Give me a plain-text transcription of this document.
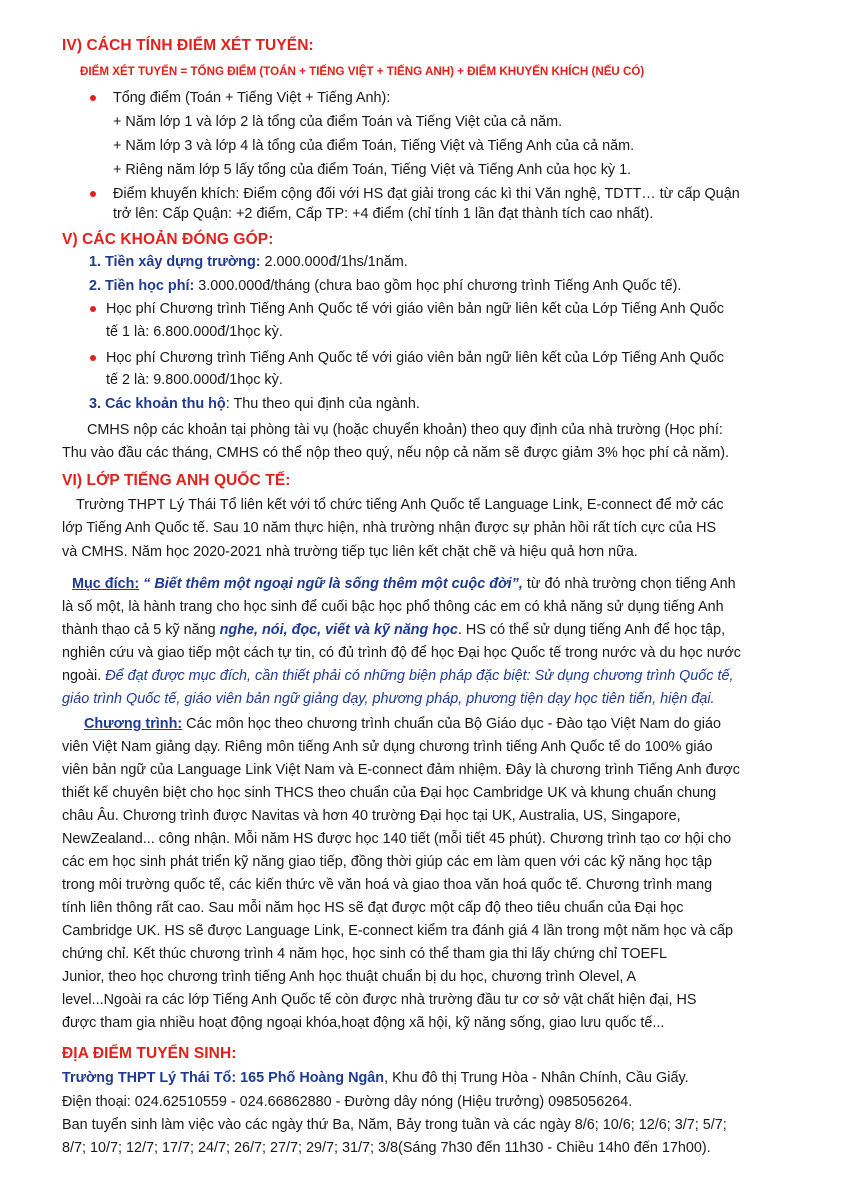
IV) CÁCH TÍNH ĐIỂM XÉT TUYỂN:
ĐIỂM XÉT TUYỂN = TỔNG ĐIỂM (TOÁN + TIẾNG VIỆT + TIẾNG ANH) + ĐIỂM KHUYẾN KHÍCH (NẾU CÓ)
Tổng điểm (Toán + Tiếng Việt + Tiếng Anh):
+ Năm lớp 1 và lớp 2 là tổng của điểm Toán và Tiếng Việt của cả năm.
+ Năm lớp 3 và lớp 4 là tổng của điểm Toán, Tiếng Việt và Tiếng Anh của cả năm.
+ Riêng năm lớp 5 lấy tổng của điểm Toán, Tiếng Việt và Tiếng Anh của học kỳ 1.
Điểm khuyến khích: Điểm cộng đối với HS đạt giải trong các kì thi Văn nghệ, TDTT… từ cấp Quận
trở lên: Cấp Quận: +2 điểm, Cấp TP: +4 điểm (chỉ tính 1 lần đạt thành tích cao nhất).
V) CÁC KHOẢN ĐÓNG GÓP:
1. Tiền xây dựng trường: 2.000.000đ/1hs/1năm.
2. Tiền học phí: 3.000.000đ/tháng (chưa bao gồm học phí chương trình Tiếng Anh Quốc tế).
Học phí Chương trình Tiếng Anh Quốc tế với giáo viên bản ngữ liên kết của Lớp Tiếng Anh Quốc
tế 1 là: 6.800.000đ/1học kỳ.
Học phí Chương trình Tiếng Anh Quốc tế với giáo viên bản ngữ liên kết của Lớp Tiếng Anh Quốc
tế 2 là: 9.800.000đ/1học kỳ.
3. Các khoản thu hộ: Thu theo qui định của ngành.
CMHS nộp các khoản tại phòng tài vụ (hoặc chuyển khoản) theo quy định của nhà trường (Học phí:
Thu vào đầu các tháng, CMHS có thể nộp theo quý, nếu nộp cả năm sẽ được giảm 3% học phí cả năm).
VI) LỚP TIẾNG ANH QUỐC TẾ:
Trường THPT Lý Thái Tổ liên kết với tổ chức tiếng Anh Quốc tế Language Link, E-connect để mở các
lớp Tiếng Anh Quốc tế. Sau 10 năm thực hiện, nhà trường nhận được sự phản hồi rất tích cực của HS
và CMHS. Năm học 2020-2021 nhà trường tiếp tục liên kết chặt chẽ và hiệu quả hơn nữa.
Mục đích: “ Biết thêm một ngoại ngữ là sống thêm một cuộc đời”, từ đó nhà trường chọn tiếng Anh
là số một, là hành trang cho học sinh để cuối bậc học phổ thông các em có khả năng sử dụng tiếng Anh
thành thạo cả 5 kỹ năng nghe, nói, đọc, viết và kỹ năng học. HS có thể sử dụng tiếng Anh để học tập,
nghiên cứu và giao tiếp một cách tự tin, có đủ trình độ để học Đại học Quốc tế trong nước và du học nước
ngoài. Để đạt được mục đích, cần thiết phải có những biện pháp đặc biệt: Sử dụng chương trình Quốc tế,
giáo trình Quốc tế, giáo viên bản ngữ giảng dạy, phương pháp, phương tiện dạy học tiên tiến, hiện đại.
Chương trình: Các môn học theo chương trình chuẩn của Bộ Giáo dục - Đào tạo Việt Nam do giáo
viên Việt Nam giảng dạy. Riêng môn tiếng Anh sử dụng chương trình tiếng Anh Quốc tế do 100% giáo
viên bản ngữ của Language Link Việt Nam và E-connect đảm nhiệm. Đây là chương trình Tiếng Anh được
thiết kế chuyên biệt cho học sinh THCS theo chuẩn của Đại học Cambridge UK và khung chuẩn chung
châu Âu. Chương trình được Navitas và hơn 40 trường Đại học tại UK, Australia, US, Singapore,
NewZealand... công nhận. Mỗi năm HS được học 140 tiết (mỗi tiết 45 phút). Chương trình tạo cơ hội cho
các em học sinh phát triển kỹ năng giao tiếp, đồng thời giúp các em làm quen với các kỹ năng học tập
trong môi trường quốc tế, các kiến thức về văn hoá và giao thoa văn hoá quốc tế. Chương trình mang
tính liên thông rất cao. Sau mỗi năm học HS sẽ đạt được một cấp độ theo tiêu chuẩn của Đại học
Cambridge UK. HS sẽ được Language Link, E-connect kiểm tra đánh giá 4 lần trong một năm học và cấp
chứng chỉ. Kết thúc chương trình 4 năm học, học sinh có thể tham gia thi lấy chứng chỉ TOEFL
Junior, theo học chương trình tiếng Anh học thuật chuẩn bị du học, chương trình Olevel, A
level...Ngoài ra các lớp Tiếng Anh Quốc tế còn được nhà trường đầu tư cơ sở vật chất hiện đại, HS
được tham gia nhiều hoạt động ngoại khóa,hoạt động xã hội, kỹ năng sống, giao lưu quốc tế...
ĐỊA ĐIỂM TUYỂN SINH:
Trường THPT Lý Thái Tổ: 165 Phố Hoàng Ngân, Khu đô thị Trung Hòa - Nhân Chính, Cầu Giấy.
Điện thoại: 024.62510559 - 024.66862880 - Đường dây nóng (Hiệu trưởng) 0985056264.
Ban tuyển sinh làm việc vào các ngày thứ Ba, Năm, Bảy trong tuần và các ngày 8/6; 10/6; 12/6; 3/7; 5/7;
8/7; 10/7; 12/7; 17/7; 24/7; 26/7; 27/7; 29/7; 31/7; 3/8(Sáng 7h30 đến 11h30 - Chiều 14h0 đến 17h00).
